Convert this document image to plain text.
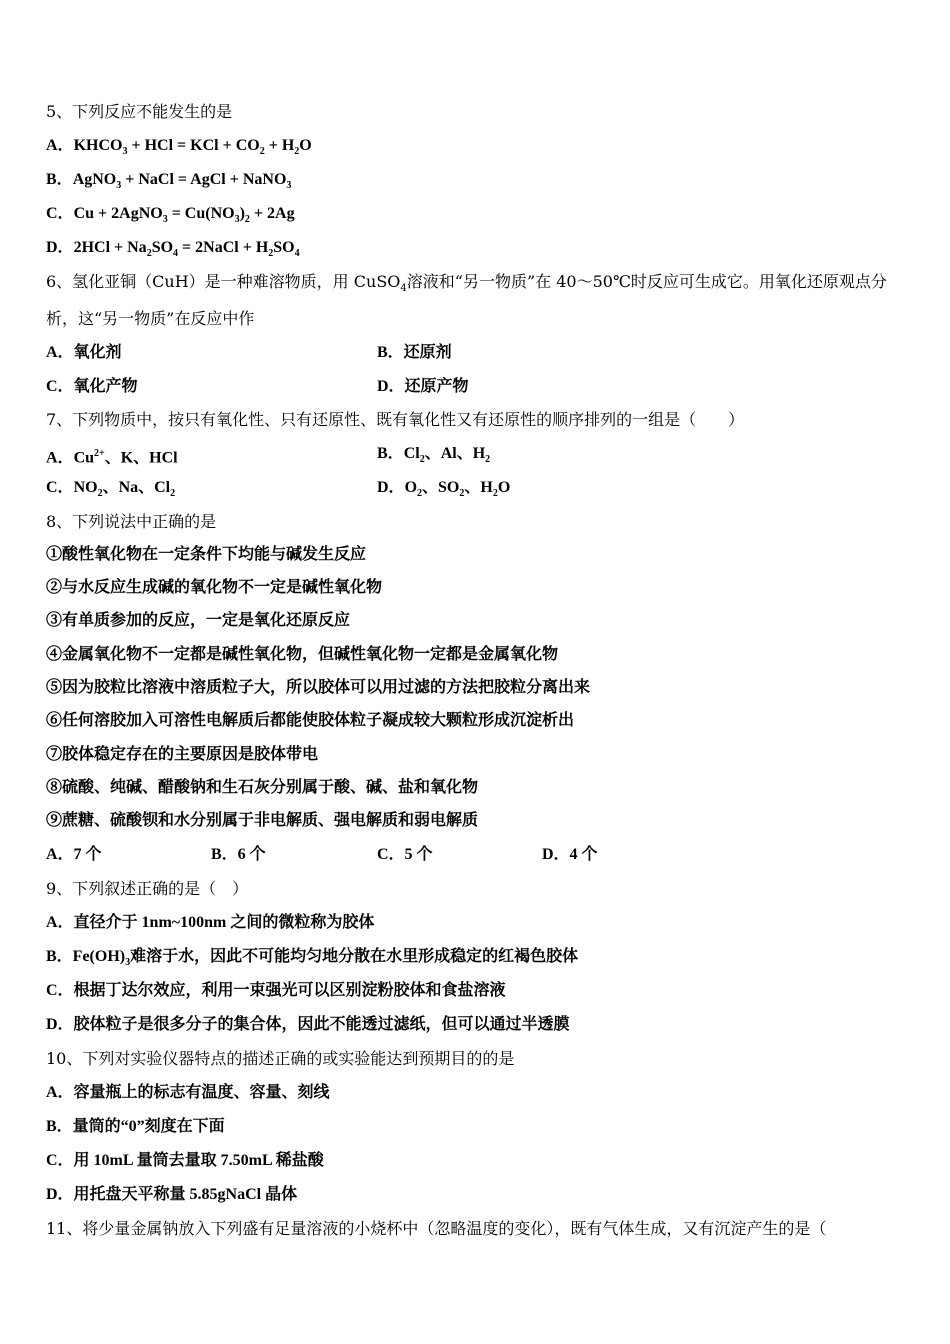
5、下列反应不能发生的是
A．$KHCO_3$ + HCl = KCl + $CO_2 + H_2O$
B．AgNO$_3$ + NaCl = AgCl + NaNO$_3$
C．Cu + 2AgNO$_3$ = $Cu(NO_3)_2 + 2Ag$
D．$2HCl + Na_2SO_4$ = 2NaCl + $H_2SO_4$
6、氢化亚铜（CuH）是一种难溶物质，用 CuSO$_4$溶液和“另一物质”在 40～50℃时反应可生成它。用氧化还原观点分
析，这“另一物质”在反应中作
A．氧化剂	B．还原剂
C．氧化产物	D．还原产物
7、下列物质中，按只有氧化性、只有还原性、既有氧化性又有还原性的顺序排列的一组是（　　）
A．$Cu^{2+}$、K、HCl	B．$Cl_2$、Al、$H_2$
C．$NO_2$、Na、$Cl_2$	D．$O_2$、$SO_2$、$H_2O$
8、下列说法中正确的是
①酸性氧化物在一定条件下均能与碱发生反应
②与水反应生成碱的氧化物不一定是碱性氧化物
③有单质参加的反应，一定是氧化还原反应
④金属氧化物不一定都是碱性氧化物，但碱性氧化物一定都是金属氧化物
⑤因为胶粒比溶液中溶质粒子大，所以胶体可以用过滤的方法把胶粒分离出来
⑥任何溶胶加入可溶性电解质后都能使胶体粒子凝成较大颗粒形成沉淀析出
⑦胶体稳定存在的主要原因是胶体带电
⑧硫酸、纯碱、醋酸钠和生石灰分别属于酸、碱、盐和氧化物
⑨蔗糖、硫酸钡和水分别属于非电解质、强电解质和弱电解质
A．7 个	B．6 个	C．5 个	D．4 个
9、下列叙述正确的是（　）
A．直径介于 1nm~100nm 之间的微粒称为胶体
B．$Fe(OH)_3$难溶于水，因此不可能均匀地分散在水里形成稳定的红褐色胶体
C．根据丁达尔效应，利用一束强光可以区别淀粉胶体和食盐溶液
D．胶体粒子是很多分子的集合体，因此不能透过滤纸，但可以通过半透膜
10、下列对实验仪器特点的描述正确的或实验能达到预期目的的是
A．容量瓶上的标志有温度、容量、刻线
B．量筒的“0”刻度在下面
C．用 10mL 量筒去量取 7.50mL 稀盐酸
D．用托盘天平称量 5.85gNaCl 晶体
11、将少量金属钠放入下列盛有足量溶液的小烧杯中（忽略温度的变化），既有气体生成，又有沉淀产生的是（
